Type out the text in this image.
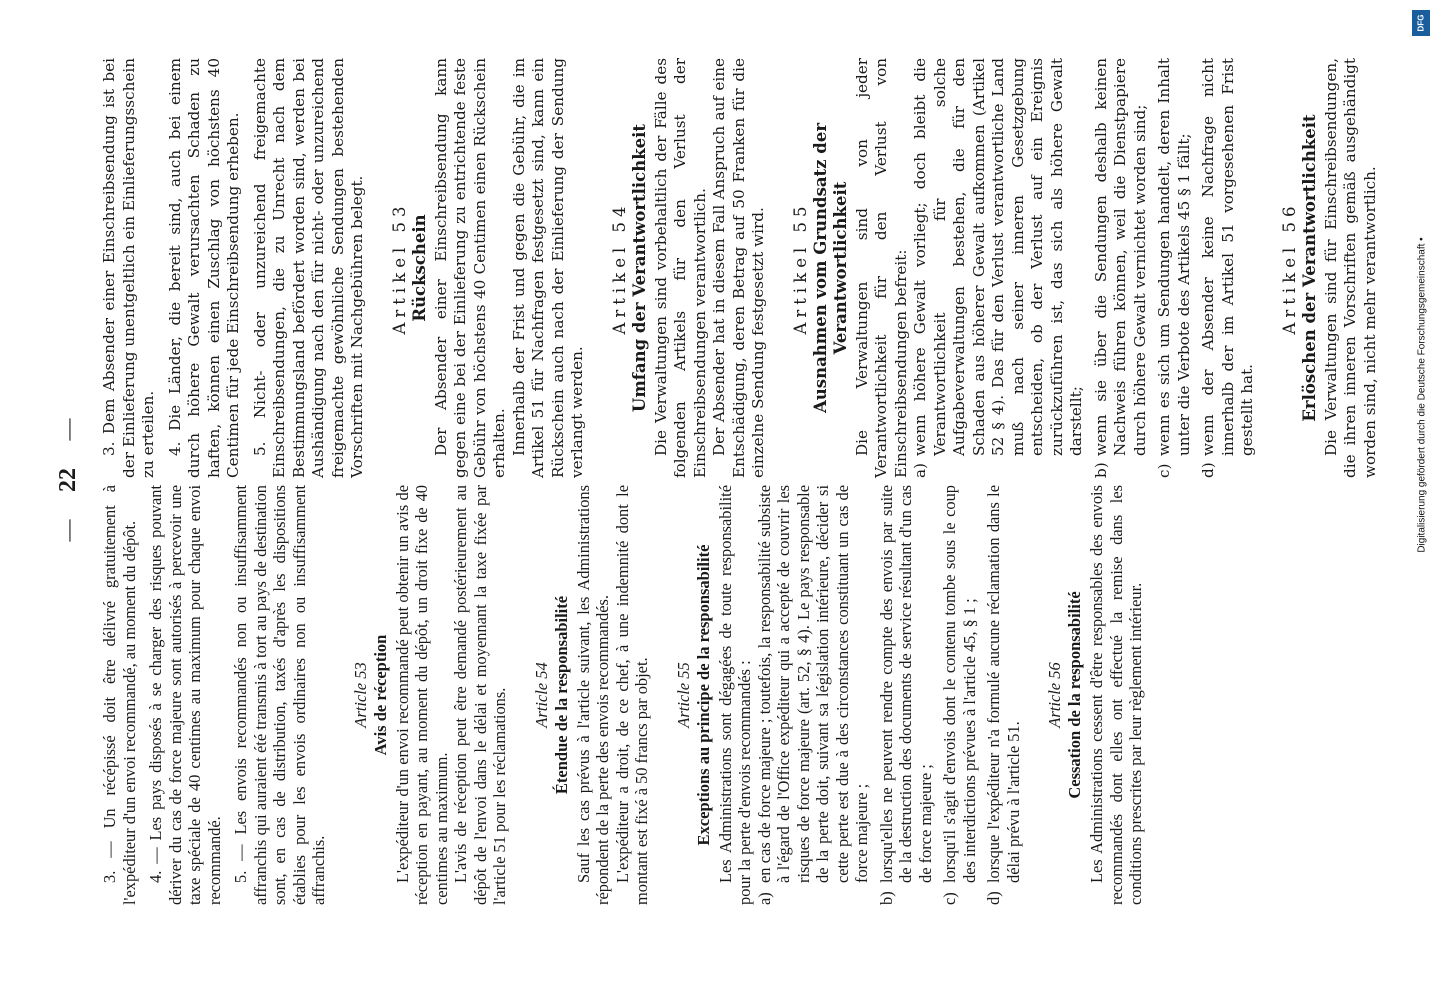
— 22 —

3. — Un récépissé doit être délivré gratuitement à l'expéditeur d'un envoi recommandé, au moment du dépôt. 4. — Les pays disposés à se charger des risques pouvant dériver du cas de force majeure sont autorisés à percevoir une taxe spéciale de 40 centimes au maximum pour chaque envoi recommandé. 5. — Les envois recommandés non ou insuffisamment affranchis qui auraient été transmis à tort au pays de destination sont, en cas de distribution, taxés d'après les dispositions établies pour les envois ordinaires non ou insuffisamment affranchis.

Article 53 Avis de réception L'expéditeur d'un envoi recommandé peut obtenir un avis de réception en payant, au moment du dépôt, un droit fixe de 40 centimes au maximum. L'avis de réception peut être demandé postérieurement au dépôt de l'envoi dans le délai et moyennant la taxe fixée par l'article 51 pour les réclamations. Article 54 Étendue de la responsabilité Sauf les cas prévus à l'article suivant, les Administrations répondent de la perte des envois recommandés. L'expéditeur a droit, de ce chef, à une indemnité dont le montant est fixé à 50 francs par objet. Article 55 Exceptions au principe de la responsabilité Les Administrations sont dégagées de toute responsabilité pour la perte d'envois recommandés : a)
en cas de force majeure ; toutefois, la responsabilité subsiste à l'égard de l'Office expéditeur qui a accepté de couvrir les risques de force majeure (art. 52, § 4). Le pays responsable de la perte doit, suivant sa législation intérieure, décider si cette perte est due à des circonstances constituant un cas de force majeure ;
b)
lorsqu'elles ne peuvent rendre compte des envois par suite de la destruction des documents de service résultant d'un cas de force majeure ;
c)
lorsqu'il s'agit d'envois dont le contenu tombe sous le coup des interdictions prévues à l'article 45, § 1 ;
d)
lorsque l'expéditeur n'a formulé aucune réclamation dans le délai prévu à l'article 51.
Article 56 Cessation de la responsabilité Les Administrations cessent d'être responsables des envois recommandés dont elles ont effectué la remise dans les conditions prescrites par leur règlement intérieur.

3. Dem Absender einer Einschreibsendung ist bei der Einlieferung unentgeltlich ein Einlieferungsschein zu erteilen. 4. Die Länder, die bereit sind, auch bei einem durch höhere Gewalt verursachten Schaden zu haften, können einen Zuschlag von höchstens 40 Centimen für jede Einschreibsendung erheben. 5. Nicht- oder unzureichend freigemachte Einschreibsendungen, die zu Unrecht nach dem Bestimmungsland befördert worden sind, werden bei Aushändigung nach den für nicht- oder unzureichend freigemachte gewöhnliche Sendungen bestehenden Vorschriften mit Nachgebühren belegt. Artikel 53 Rückschein Der Absender einer Einschreibsendung kann gegen eine bei der Einlieferung zu entrichtende feste Gebühr von höchstens 40 Centimen einen Rückschein erhalten. Innerhalb der Frist und gegen die Gebühr, die im Artikel 51 für Nachfragen festgesetzt sind, kann ein Rückschein auch nach der Einlieferung der Sendung verlangt werden.

Artikel 54 Umfang der Verantwortlichkeit Die Verwaltungen sind vorbehaltlich der Fälle des folgenden Artikels für den Verlust der Einschreibsendungen verantwortlich. Der Absender hat in diesem Fall Anspruch auf eine Entschädigung, deren Betrag auf 50 Franken für die einzelne Sendung festgesetzt wird. Artikel 55 Ausnahmen vom Grundsatz der Verantwortlichkeit Die Verwaltungen sind von jeder Verantwortlichkeit für den Verlust von Einschreibsendungen befreit: a)
wenn höhere Gewalt vorliegt; doch bleibt die Verantwortlichkeit für solche Aufgabeverwaltungen bestehen, die für den Schaden aus höherer Gewalt aufkommen (Artikel 52 § 4). Das für den Verlust verantwortliche Land muß nach seiner inneren Gesetzgebung entscheiden, ob der Verlust auf ein Ereignis zurückzuführen ist, das sich als höhere Gewalt darstellt;
b)
wenn sie über die Sendungen deshalb keinen Nachweis führen können, weil die Dienstpapiere durch höhere Gewalt vernichtet worden sind;
c)
wenn es sich um Sendungen handelt, deren Inhalt unter die Verbote des Artikels 45 § 1 fällt;
d)
wenn der Absender keine Nachfrage nicht innerhalb der im Artikel 51 vorgesehenen Frist gestellt hat.
Artikel 56 Erlöschen der Verantwortlichkeit Die Verwaltungen sind für Einschreibsendungen, die ihren inneren Vorschriften gemäß ausgehändigt worden sind, nicht mehr verantwortlich.

DFG
Digitalisierung gefördert durch die Deutsche Forschungsgemeinschaft •
